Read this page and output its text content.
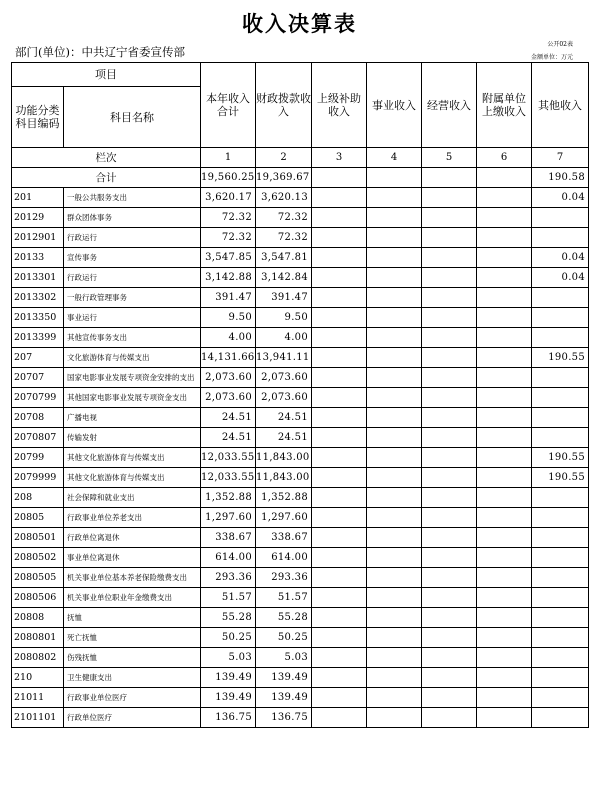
收入决算表
公开02表
金额单位：万元
部门(单位)：中共辽宁省委宣传部
项目		本年收入合计	财政拨款收入	上级补助收入	事业收入	经营收入	附属单位上缴收入	其他收入
功能分类科目编码	科目名称							
栏次		1	2	3	4	5	6	7
合计		19,560.25	19,369.67					190.58
201	一般公共服务支出	3,620.17	3,620.13					0.04
20129	群众团体事务	72.32	72.32					
2012901	行政运行	72.32	72.32					
20133	宣传事务	3,547.85	3,547.81					0.04
2013301	行政运行	3,142.88	3,142.84					0.04
2013302	一般行政管理事务	391.47	391.47					
2013350	事业运行	9.50	9.50					
2013399	其他宣传事务支出	4.00	4.00					
207	文化旅游体育与传媒支出	14,131.66	13,941.11					190.55
20707	国家电影事业发展专项资金安排的支出	2,073.60	2,073.60					
2070799	其他国家电影事业发展专项资金支出	2,073.60	2,073.60					
20708	广播电视	24.51	24.51					
2070807	传输发射	24.51	24.51					
20799	其他文化旅游体育与传媒支出	12,033.55	11,843.00					190.55
2079999	其他文化旅游体育与传媒支出	12,033.55	11,843.00					190.55
208	社会保障和就业支出	1,352.88	1,352.88					
20805	行政事业单位养老支出	1,297.60	1,297.60					
2080501	行政单位离退休	338.67	338.67					
2080502	事业单位离退休	614.00	614.00					
2080505	机关事业单位基本养老保险缴费支出	293.36	293.36					
2080506	机关事业单位职业年金缴费支出	51.57	51.57					
20808	抚恤	55.28	55.28					
2080801	死亡抚恤	50.25	50.25					
2080802	伤残抚恤	5.03	5.03					
210	卫生健康支出	139.49	139.49					
21011	行政事业单位医疗	139.49	139.49					
2101101	行政单位医疗	136.75	136.75					
